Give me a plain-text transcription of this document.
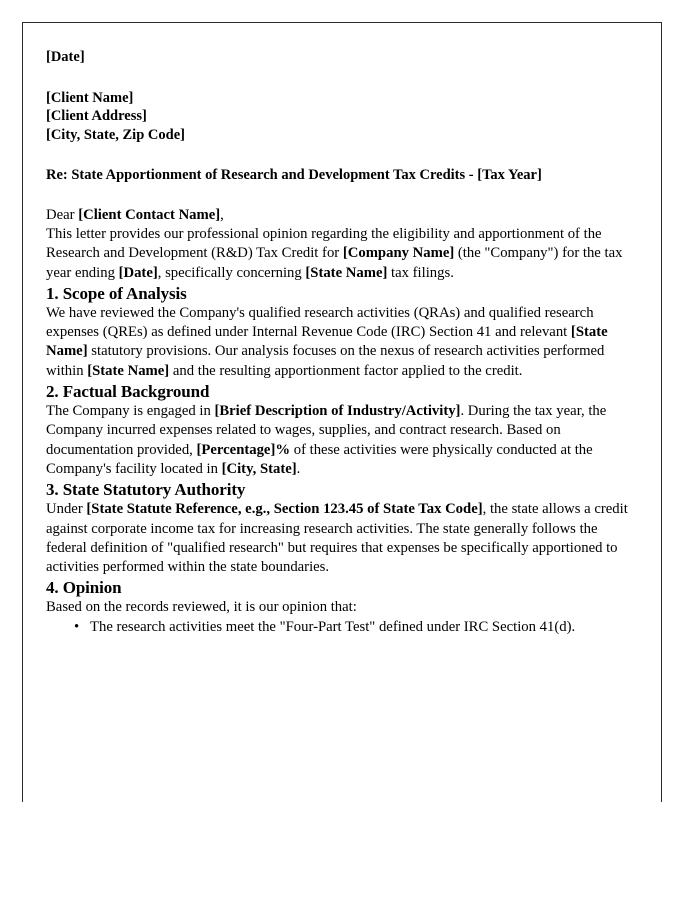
[Date]
[Client Name]
[Client Address]
[City, State, Zip Code]
Re: State Apportionment of Research and Development Tax Credits - [Tax Year]
Dear [Client Contact Name],

This letter provides our professional opinion regarding the eligibility and apportionment of the Research and Development (R&D) Tax Credit for [Company Name] (the "Company") for the tax year ending [Date], specifically concerning [State Name] tax filings.

1. Scope of Analysis

We have reviewed the Company's qualified research activities (QRAs) and qualified research expenses (QREs) as defined under Internal Revenue Code (IRC) Section 41 and relevant [State Name] statutory provisions. Our analysis focuses on the nexus of research activities performed within [State Name] and the resulting apportionment factor applied to the credit.

2. Factual Background

The Company is engaged in [Brief Description of Industry/Activity]. During the tax year, the Company incurred expenses related to wages, supplies, and contract research. Based on documentation provided, [Percentage]% of these activities were physically conducted at the Company's facility located in [City, State].

3. State Statutory Authority

Under [State Statute Reference, e.g., Section 123.45 of State Tax Code], the state allows a credit against corporate income tax for increasing research activities. The state generally follows the federal definition of "qualified research" but requires that expenses be specifically apportioned to activities performed within the state boundaries.

4. Opinion

Based on the records reviewed, it is our opinion that:

• The research activities meet the "Four-Part Test" defined under IRC Section 41(d).
